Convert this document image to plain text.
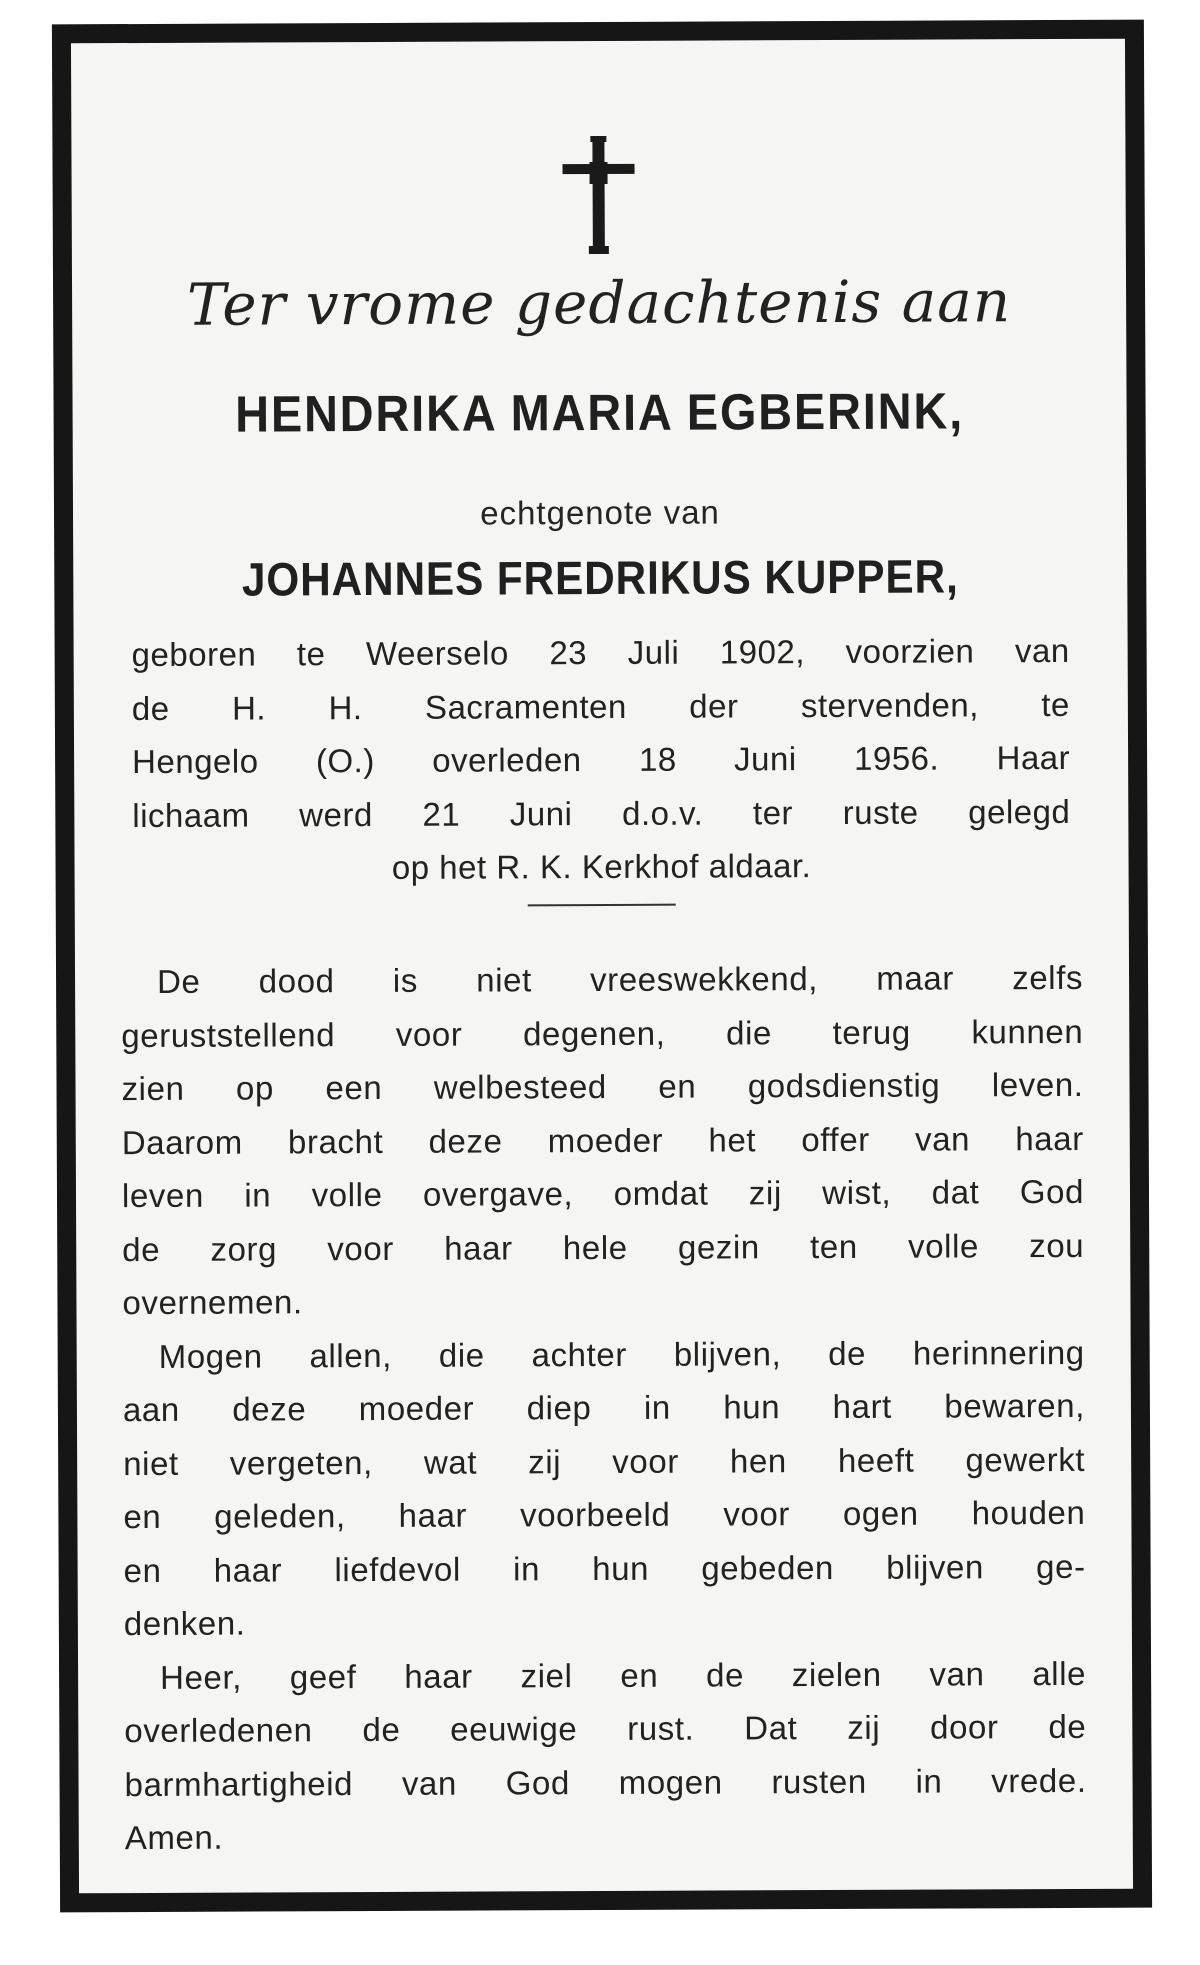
Ter vrome gedachtenis aan

HENDRIKA MARIA EGBERINK,

echtgenote van

JOHANNES FREDRIKUS KUPPER,

geboren te Weerselo 23 Juli 1902, voorzien van
de H. H. Sacramenten der stervenden, te
Hengelo (O.) overleden 18 Juni 1956. Haar
lichaam werd 21 Juni d.o.v. ter ruste gelegd
op het R. K. Kerkhof aldaar.
De dood is niet vreeswekkend, maar zelfs
geruststellend voor degenen, die terug kunnen
zien op een welbesteed en godsdienstig leven.
Daarom bracht deze moeder het offer van haar
leven in volle overgave, omdat zij wist, dat God
de zorg voor haar hele gezin ten volle zou
overnemen.
Mogen allen, die achter blijven, de herinnering
aan deze moeder diep in hun hart bewaren,
niet vergeten, wat zij voor hen heeft gewerkt
en geleden, haar voorbeeld voor ogen houden
en haar liefdevol in hun gebeden blijven ge-
denken.
Heer, geef haar ziel en de zielen van alle
overledenen de eeuwige rust. Dat zij door de
barmhartigheid van God mogen rusten in vrede.
Amen.
